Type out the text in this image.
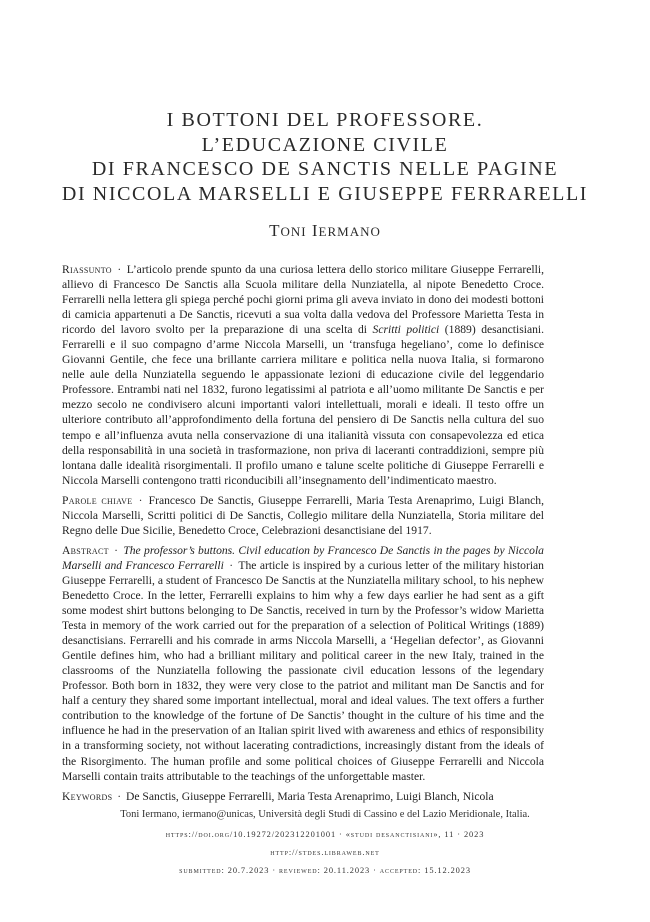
I BOTTONI DEL PROFESSORE.
L’EDUCAZIONE CIVILE
DI FRANCESCO DE SANCTIS NELLE PAGINE
DI NICCOLA MARSELLI E GIUSEPPE FERRARELLI
TONI IERMANO

Riassunto · L’articolo prende spunto da una curiosa lettera dello storico militare Giuseppe Ferrarelli, allievo di Francesco De Sanctis alla Scuola militare della Nunziatella, al nipote Benedetto Croce. Ferrarelli nella lettera gli spiega perché pochi giorni prima gli aveva inviato in dono dei modesti bottoni di camicia appartenuti a De Sanctis, ricevuti a sua volta dalla vedova del Professore Marietta Testa in ricordo del lavoro svolto per la preparazione di una scelta di Scritti politici (1889) desanctisiani. Ferrarelli e il suo compagno d’arme Niccola Marselli, un ‘transfuga hegeliano’, come lo definisce Giovanni Gentile, che fece una brillante carriera militare e politica nella nuova Italia, si formarono nelle aule della Nunziatella seguendo le appassionate lezioni di educazione civile del leggendario Professore. Entrambi nati nel 1832, furono legatissimi al patriota e all’uomo militante De Sanctis e per mezzo secolo ne condivisero alcuni importanti valori intellettuali, morali e ideali. Il testo offre un ulteriore contributo all’approfondimento della fortuna del pensiero di De Sanctis nella cultura del suo tempo e all’influenza avuta nella conservazione di una italianità vissuta con consapevolezza ed etica della responsabilità in una società in trasformazione, non priva di laceranti contraddizioni, sempre più lontana dalle idealità risorgimentali. Il profilo umano e talune scelte politiche di Giuseppe Ferrarelli e Niccola Marselli contengono tratti riconducibili all’insegnamento dell’indimenticato maestro.

Parole chiave · Francesco De Sanctis, Giuseppe Ferrarelli, Maria Testa Arenaprimo, Luigi Blanch, Niccola Marselli, Scritti politici di De Sanctis, Collegio militare della Nunziatella, Storia militare del Regno delle Due Sicilie, Benedetto Croce, Celebrazioni desanctisiane del 1917.

Abstract · The professor’s buttons. Civil education by Francesco De Sanctis in the pages by Niccola Marselli and Francesco Ferrarelli · The article is inspired by a curious letter of the military historian Giuseppe Ferrarelli, a student of Francesco De Sanctis at the Nunziatella military school, to his nephew Benedetto Croce. In the letter, Ferrarelli explains to him why a few days earlier he had sent as a gift some modest shirt buttons belonging to De Sanctis, received in turn by the Professor’s widow Marietta Testa in memory of the work carried out for the preparation of a selection of Political Writings (1889) desanctisians. Ferrarelli and his comrade in arms Niccola Marselli, a ‘Hegelian defector’, as Giovanni Gentile defines him, who had a brilliant military and political career in the new Italy, trained in the classrooms of the Nunziatella following the passionate civil education lessons of the legendary Professor. Both born in 1832, they were very close to the patriot and militant man De Sanctis and for half a century they shared some important intellectual, moral and ideal values. The text offers a further contribution to the knowledge of the fortune of De Sanctis’ thought in the culture of his time and the influence he had in the preservation of an Italian spirit lived with awareness and ethics of responsibility in a transforming society, not without lacerating contradictions, increasingly distant from the ideals of the Risorgimento. The human profile and some political choices of Giuseppe Ferrarelli and Niccola Marselli contain traits attributable to the teachings of the unforgettable master.

Keywords · De Sanctis, Giuseppe Ferrarelli, Maria Testa Arenaprimo, Luigi Blanch, Nicola

Toni Iermano, iermano@unicas, Università degli Studi di Cassino e del Lazio Meridionale, Italia.
https://doi.org/10.19272/202312201001 · «studi desanctisiani», 11 · 2023
http://stdes.libraweb.net
submitted: 20.7.2023 · reviewed: 20.11.2023 · accepted: 15.12.2023
